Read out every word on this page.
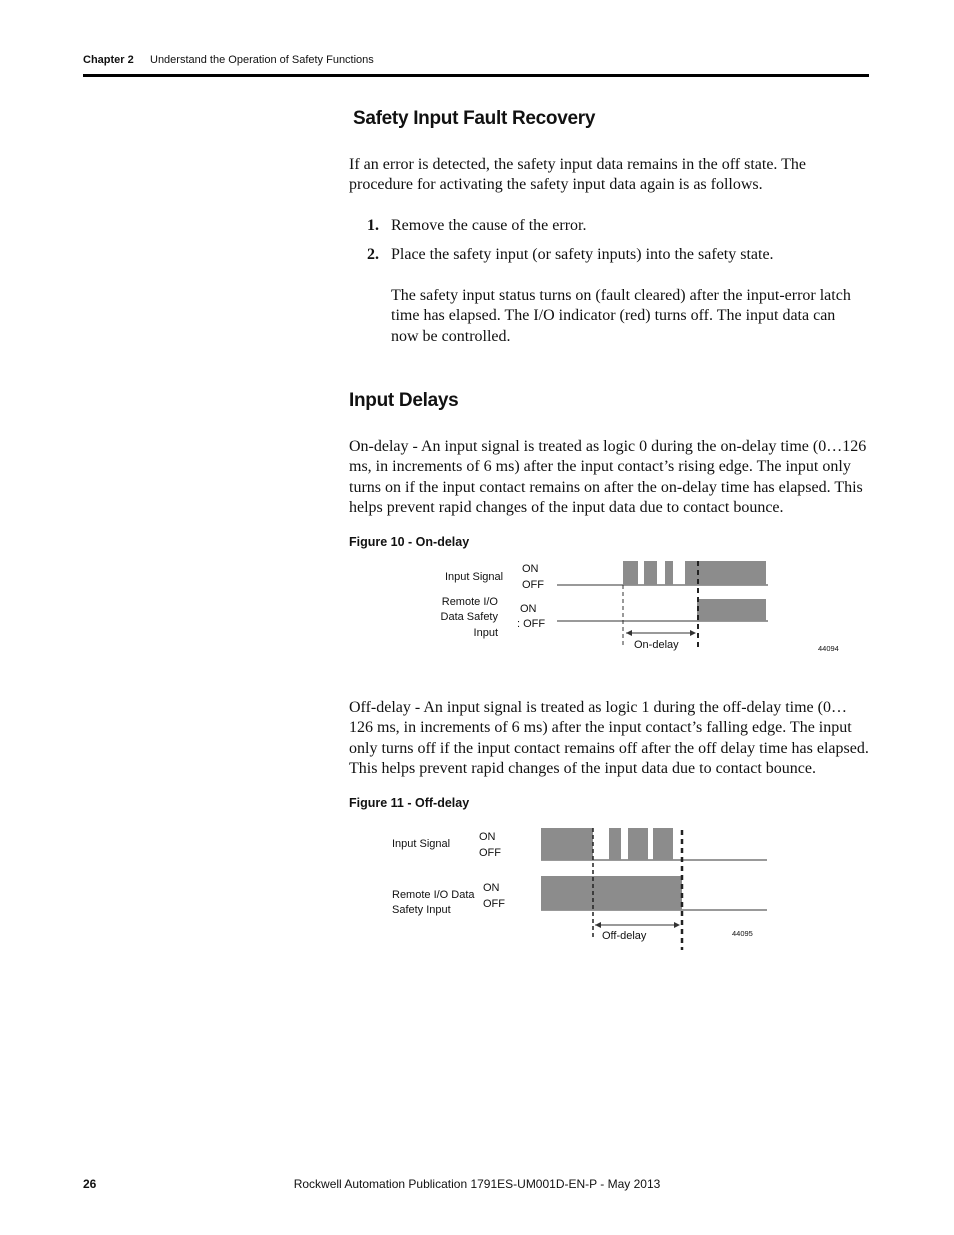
Chapter 2 Understand the Operation of Safety Functions
Safety Input Fault Recovery

If an error is detected, the safety input data remains in the off state. The procedure for activating the safety input data again is as follows.

1. Remove the cause of the error.
2. Place the safety input (or safety inputs) into the safety state.

The safety input status turns on (fault cleared) after the input-error latch time has elapsed. The I/O indicator (red) turns off. The input data can now be controlled.

Input Delays

On-delay - An input signal is treated as logic 0 during the on-delay time (0…126 ms, in increments of 6 ms) after the input contact’s rising edge. The input only turns on if the input contact remains on after the on-delay time has elapsed. This helps prevent rapid changes of the input data due to contact bounce.

Figure 10 - On-delay
Input Signal
ON
OFF
Remote I/O
Data Safety
Input
ON
: OFF
On-delay	44094

Off-delay - An input signal is treated as logic 1 during the off-delay time (0…126 ms, in increments of 6 ms) after the input contact’s falling edge. The input only turns off if the input contact remains off after the off delay time has elapsed. This helps prevent rapid changes of the input data due to contact bounce.

Figure 11 - Off-delay
Input Signal
ON
OFF
Remote I/O Data
Safety Input
ON
OFF
Off-delay	44095
26	Rockwell Automation Publication 1791ES-UM001D-EN-P - May 2013
